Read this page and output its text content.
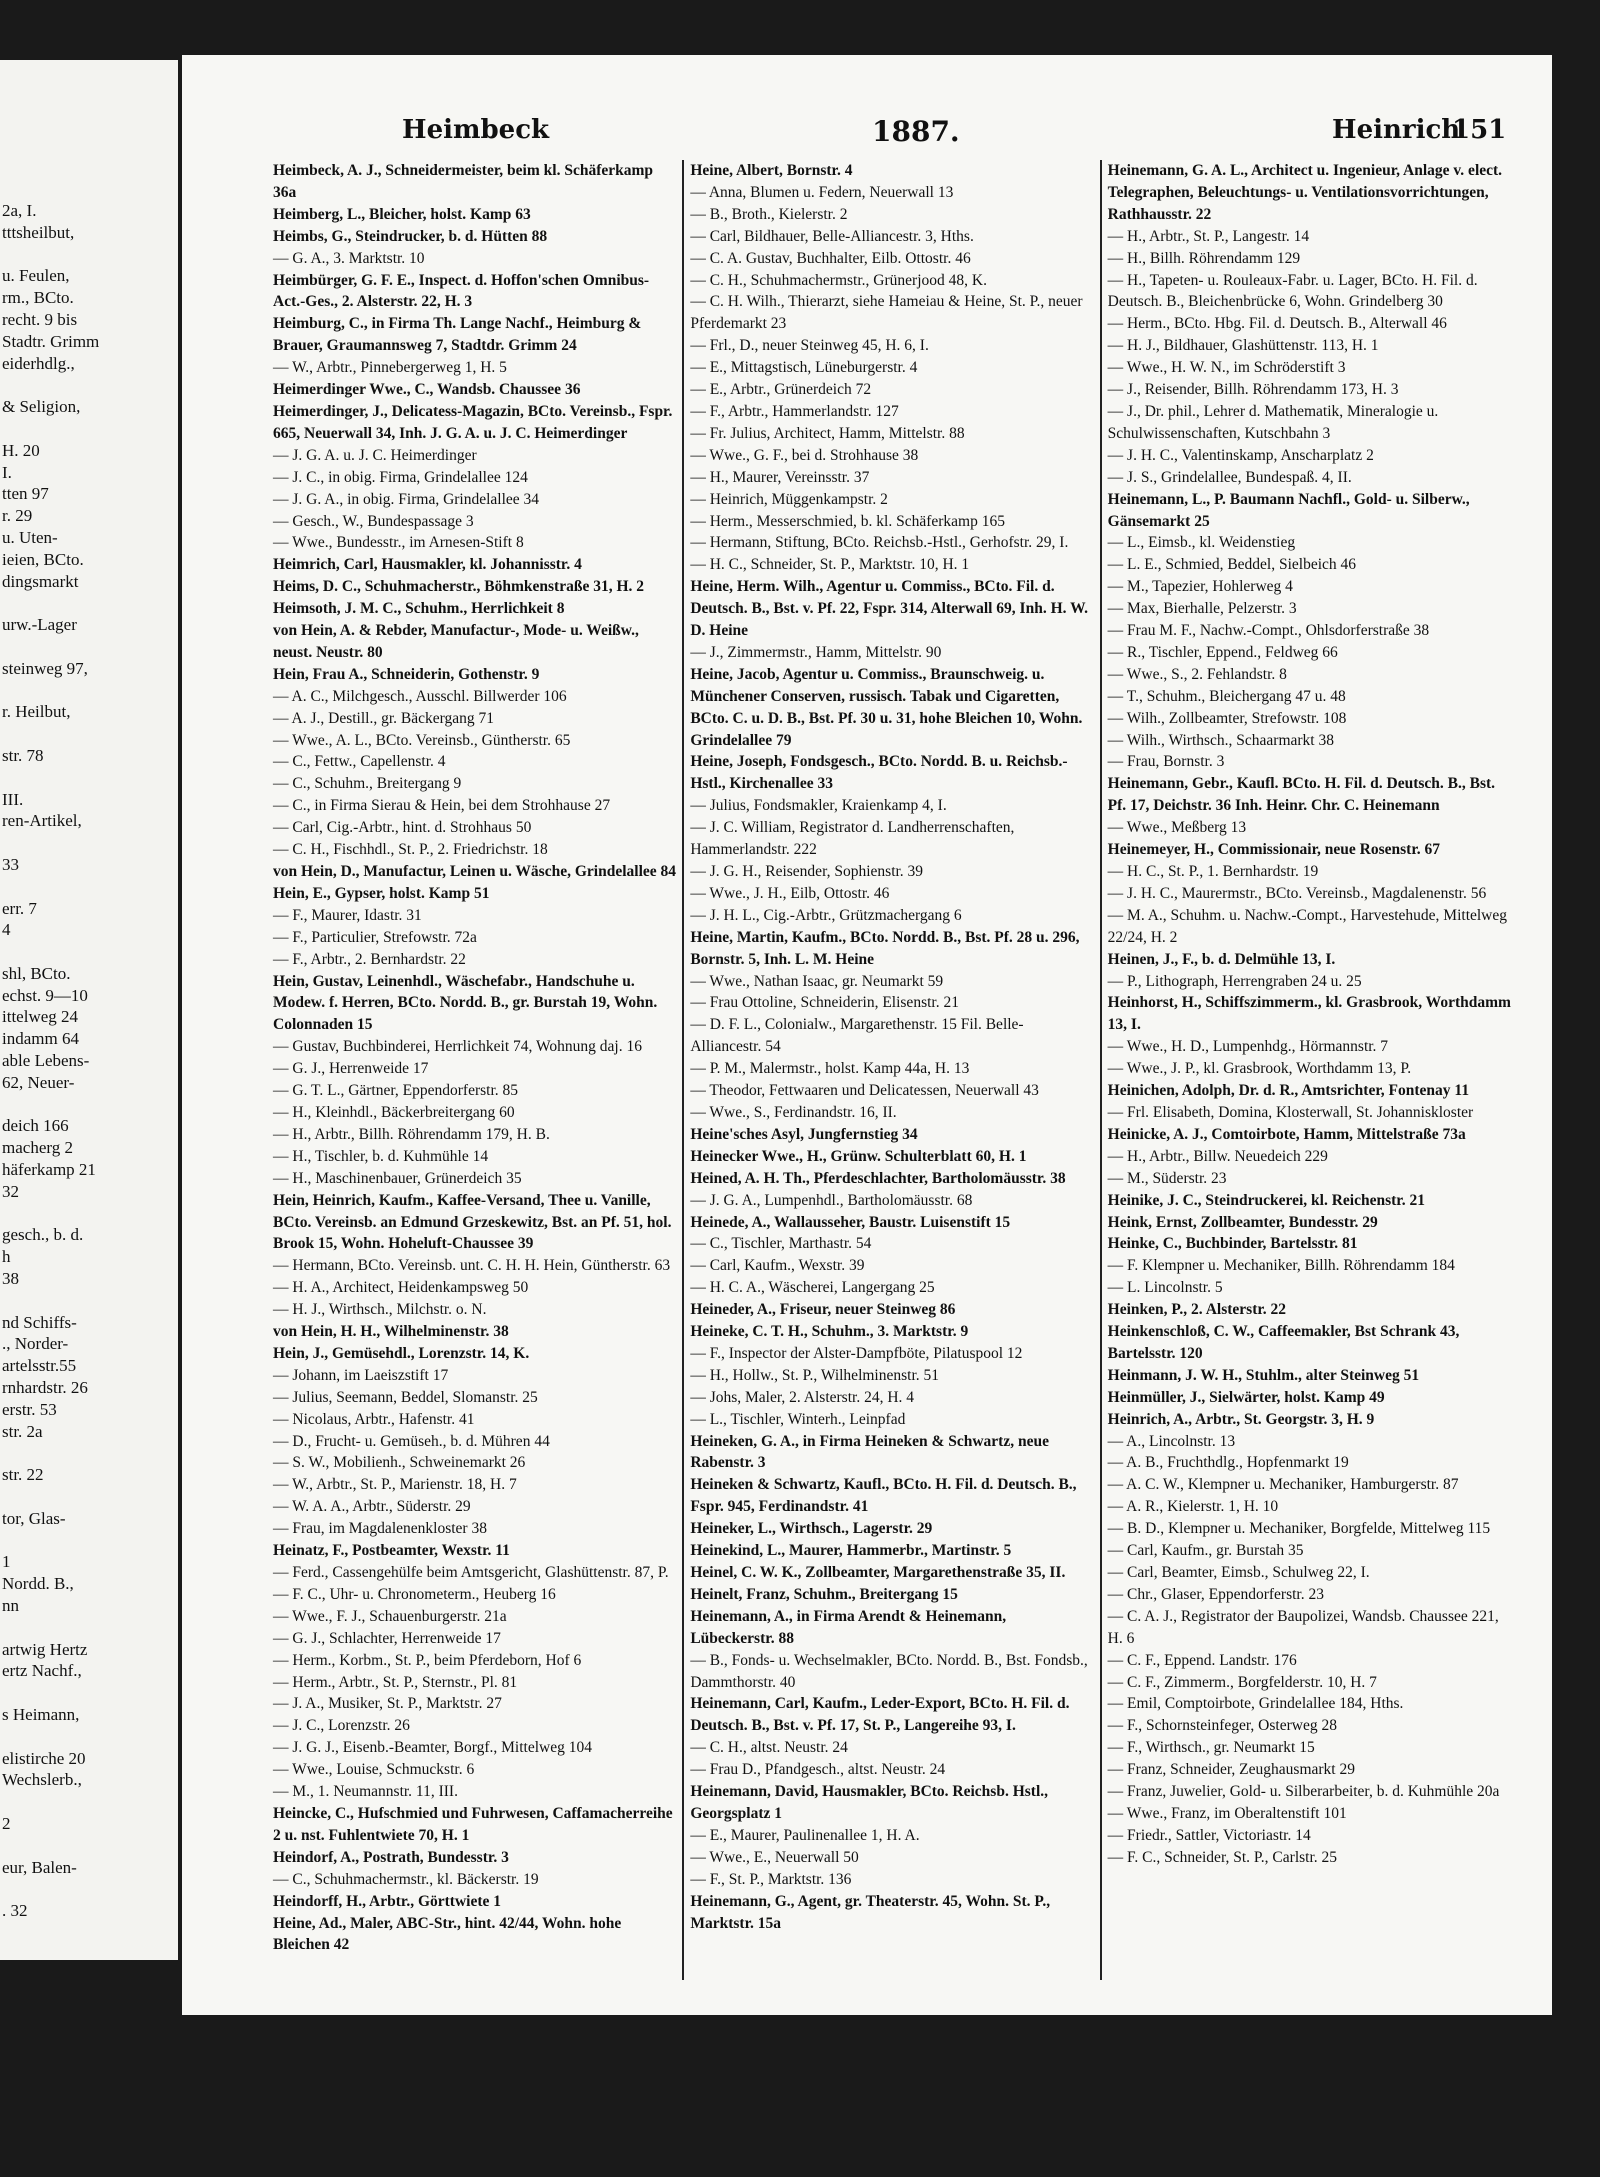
2a, I.
tttsheilbut,

u. Feulen,
rm., BCto.
recht. 9 bis
Stadtr. Grimm
eiderhdlg.,

& Seligion,

H. 20
I.
tten 97
r. 29
u. Uten-
ieien, BCto.
dingsmarkt

urw.-Lager

steinweg 97,

r. Heilbut,

str. 78

III.
ren-Artikel,

33

err. 7
4

shl, BCto.
echst. 9—10
ittelweg 24
indamm 64
able Lebens-
62, Neuer-

deich 166
macherg 2
häferkamp 21
32

gesch., b. d.
h
38

nd Schiffs-
., Norder-
artelsstr.55
rnhardstr. 26
erstr. 53
str. 2a

str. 22

tor, Glas-

1
Nordd. B.,
nn

artwig Hertz
ertz Nachf.,

s Heimann,

elistirche 20
Wechslerb.,

2

eur, Balen-

. 32
Heimbeck	1887.	Heinrich
151
Heimbeck, A. J., Schneidermeister, beim kl. Schäferkamp 36a
Heimberg, L., Bleicher, holst. Kamp 63
Heimbs, G., Steindrucker, b. d. Hütten 88
— G. A., 3. Marktstr. 10
Heimbürger, G. F. E., Inspect. d. Hoffon'schen Omnibus-Act.-Ges., 2. Alsterstr. 22, H. 3
Heimburg, C., in Firma Th. Lange Nachf., Heimburg & Brauer, Graumannsweg 7, Stadtdr. Grimm 24
— W., Arbtr., Pinnebergerweg 1, H. 5
Heimerdinger Wwe., C., Wandsb. Chaussee 36
Heimerdinger, J., Delicatess-Magazin, BCto. Vereinsb., Fspr. 665, Neuerwall 34, Inh. J. G. A. u. J. C. Heimerdinger
— J. G. A. u. J. C. Heimerdinger
— J. C., in obig. Firma, Grindelallee 124
— J. G. A., in obig. Firma, Grindelallee 34
— Gesch., W., Bundespassage 3
— Wwe., Bundesstr., im Arnesen-Stift 8
Heimrich, Carl, Hausmakler, kl. Johannisstr. 4
Heims, D. C., Schuhmacherstr., Böhmkenstraße 31, H. 2
Heimsoth, J. M. C., Schuhm., Herrlichkeit 8
von Hein, A. & Rebder, Manufactur-, Mode- u. Weißw., neust. Neustr. 80
Hein, Frau A., Schneiderin, Gothenstr. 9
— A. C., Milchgesch., Ausschl. Billwerder 106
— A. J., Destill., gr. Bäckergang 71
— Wwe., A. L., BCto. Vereinsb., Güntherstr. 65
— C., Fettw., Capellenstr. 4
— C., Schuhm., Breitergang 9
— C., in Firma Sierau & Hein, bei dem Strohhause 27
— Carl, Cig.-Arbtr., hint. d. Strohhaus 50
— C. H., Fischhdl., St. P., 2. Friedrichstr. 18
von Hein, D., Manufactur, Leinen u. Wäsche, Grindelallee 84
Hein, E., Gypser, holst. Kamp 51
— F., Maurer, Idastr. 31
— F., Particulier, Strefowstr. 72a
— F., Arbtr., 2. Bernhardstr. 22
Hein, Gustav, Leinenhdl., Wäschefabr., Handschuhe u. Modew. f. Herren, BCto. Nordd. B., gr. Burstah 19, Wohn. Colonnaden 15
— Gustav, Buchbinderei, Herrlichkeit 74, Wohnung daj. 16
— G. J., Herrenweide 17
— G. T. L., Gärtner, Eppendorferstr. 85
— H., Kleinhdl., Bäckerbreitergang 60
— H., Arbtr., Billh. Röhrendamm 179, H. B.
— H., Tischler, b. d. Kuhmühle 14
— H., Maschinenbauer, Grünerdeich 35
Hein, Heinrich, Kaufm., Kaffee-Versand, Thee u. Vanille, BCto. Vereinsb. an Edmund Grzeskewitz, Bst. an Pf. 51, hol. Brook 15, Wohn. Hoheluft-Chaussee 39
— Hermann, BCto. Vereinsb. unt. C. H. H. Hein, Güntherstr. 63
— H. A., Architect, Heidenkampsweg 50
— H. J., Wirthsch., Milchstr. o. N.
von Hein, H. H., Wilhelminenstr. 38
Hein, J., Gemüsehdl., Lorenzstr. 14, K.
— Johann, im Laeiszstift 17
— Julius, Seemann, Beddel, Slomanstr. 25
— Nicolaus, Arbtr., Hafenstr. 41
— D., Frucht- u. Gemüseh., b. d. Mühren 44
— S. W., Mobilienh., Schweinemarkt 26
— W., Arbtr., St. P., Marienstr. 18, H. 7
— W. A. A., Arbtr., Süderstr. 29
— Frau, im Magdalenenkloster 38
Heinatz, F., Postbeamter, Wexstr. 11
— Ferd., Cassengehülfe beim Amtsgericht, Glashüttenstr. 87, P.
— F. C., Uhr- u. Chronometerm., Heuberg 16
— Wwe., F. J., Schauenburgerstr. 21a
— G. J., Schlachter, Herrenweide 17
— Herm., Korbm., St. P., beim Pferdeborn, Hof 6
— Herm., Arbtr., St. P., Sternstr., Pl. 81
— J. A., Musiker, St. P., Marktstr. 27
— J. C., Lorenzstr. 26
— J. G. J., Eisenb.-Beamter, Borgf., Mittelweg 104
— Wwe., Louise, Schmuckstr. 6
— M., 1. Neumannstr. 11, III.
Heincke, C., Hufschmied und Fuhrwesen, Caffamacherreihe 2 u. nst. Fuhlentwiete 70, H. 1
Heindorf, A., Postrath, Bundesstr. 3
— C., Schuhmachermstr., kl. Bäckerstr. 19
Heindorff, H., Arbtr., Görttwiete 1
Heine, Ad., Maler, ABC-Str., hint. 42/44, Wohn. hohe Bleichen 42
Heine, Albert, Bornstr. 4
— Anna, Blumen u. Federn, Neuerwall 13
— B., Broth., Kielerstr. 2
— Carl, Bildhauer, Belle-Alliancestr. 3, Hths.
— C. A. Gustav, Buchhalter, Eilb. Ottostr. 46
— C. H., Schuhmachermstr., Grünerjood 48, K.
— C. H. Wilh., Thierarzt, siehe Hameiau & Heine, St. P., neuer Pferdemarkt 23
— Frl., D., neuer Steinweg 45, H. 6, I.
— E., Mittagstisch, Lüneburgerstr. 4
— E., Arbtr., Grünerdeich 72
— F., Arbtr., Hammerlandstr. 127
— Fr. Julius, Architect, Hamm, Mittelstr. 88
— Wwe., G. F., bei d. Strohhause 38
— H., Maurer, Vereinsstr. 37
— Heinrich, Müggenkampstr. 2
— Herm., Messerschmied, b. kl. Schäferkamp 165
— Hermann, Stiftung, BCto. Reichsb.-Hstl., Gerhofstr. 29, I.
— H. C., Schneider, St. P., Marktstr. 10, H. 1
Heine, Herm. Wilh., Agentur u. Commiss., BCto. Fil. d. Deutsch. B., Bst. v. Pf. 22, Fspr. 314, Alterwall 69, Inh. H. W. D. Heine
— J., Zimmermstr., Hamm, Mittelstr. 90
Heine, Jacob, Agentur u. Commiss., Braunschweig. u. Münchener Conserven, russisch. Tabak und Cigaretten, BCto. C. u. D. B., Bst. Pf. 30 u. 31, hohe Bleichen 10, Wohn. Grindelallee 79
Heine, Joseph, Fondsgesch., BCto. Nordd. B. u. Reichsb.-Hstl., Kirchenallee 33
— Julius, Fondsmakler, Kraienkamp 4, I.
— J. C. William, Registrator d. Landherrenschaften, Hammerlandstr. 222
— J. G. H., Reisender, Sophienstr. 39
— Wwe., J. H., Eilb, Ottostr. 46
— J. H. L., Cig.-Arbtr., Grützmachergang 6
Heine, Martin, Kaufm., BCto. Nordd. B., Bst. Pf. 28 u. 296, Bornstr. 5, Inh. L. M. Heine
— Wwe., Nathan Isaac, gr. Neumarkt 59
— Frau Ottoline, Schneiderin, Elisenstr. 21
— D. F. L., Colonialw., Margarethenstr. 15 Fil. Belle-Alliancestr. 54
— P. M., Malermstr., holst. Kamp 44a, H. 13
— Theodor, Fettwaaren und Delicatessen, Neuerwall 43
— Wwe., S., Ferdinandstr. 16, II.
Heine'sches Asyl, Jungfernstieg 34
Heinecker Wwe., H., Grünw. Schulterblatt 60, H. 1
Heined, A. H. Th., Pferdeschlachter, Bartholomäusstr. 38
— J. G. A., Lumpenhdl., Bartholomäusstr. 68
Heinede, A., Wallausseher, Baustr. Luisenstift 15
— C., Tischler, Marthastr. 54
— Carl, Kaufm., Wexstr. 39
— H. C. A., Wäscherei, Langergang 25
Heineder, A., Friseur, neuer Steinweg 86
Heineke, C. T. H., Schuhm., 3. Marktstr. 9
— F., Inspector der Alster-Dampfböte, Pilatuspool 12
— H., Hollw., St. P., Wilhelminenstr. 51
— Johs, Maler, 2. Alsterstr. 24, H. 4
— L., Tischler, Winterh., Leinpfad
Heineken, G. A., in Firma Heineken & Schwartz, neue Rabenstr. 3
Heineken & Schwartz, Kaufl., BCto. H. Fil. d. Deutsch. B., Fspr. 945, Ferdinandstr. 41
Heineker, L., Wirthsch., Lagerstr. 29
Heinekind, L., Maurer, Hammerbr., Martinstr. 5
Heinel, C. W. K., Zollbeamter, Margarethenstraße 35, II.
Heinelt, Franz, Schuhm., Breitergang 15
Heinemann, A., in Firma Arendt & Heinemann, Lübeckerstr. 88
— B., Fonds- u. Wechselmakler, BCto. Nordd. B., Bst. Fondsb., Dammthorstr. 40
Heinemann, Carl, Kaufm., Leder-Export, BCto. H. Fil. d. Deutsch. B., Bst. v. Pf. 17, St. P., Langereihe 93, I.
— C. H., altst. Neustr. 24
— Frau D., Pfandgesch., altst. Neustr. 24
Heinemann, David, Hausmakler, BCto. Reichsb. Hstl., Georgsplatz 1
— E., Maurer, Paulinenallee 1, H. A.
— Wwe., E., Neuerwall 50
— F., St. P., Marktstr. 136
Heinemann, G., Agent, gr. Theaterstr. 45, Wohn. St. P., Marktstr. 15a
Heinemann, G. A. L., Architect u. Ingenieur, Anlage v. elect. Telegraphen, Beleuchtungs- u. Ventilationsvorrichtungen, Rathhausstr. 22
— H., Arbtr., St. P., Langestr. 14
— H., Billh. Röhrendamm 129
— H., Tapeten- u. Rouleaux-Fabr. u. Lager, BCto. H. Fil. d. Deutsch. B., Bleichenbrücke 6, Wohn. Grindelberg 30
— Herm., BCto. Hbg. Fil. d. Deutsch. B., Alterwall 46
— H. J., Bildhauer, Glashüttenstr. 113, H. 1
— Wwe., H. W. N., im Schröderstift 3
— J., Reisender, Billh. Röhrendamm 173, H. 3
— J., Dr. phil., Lehrer d. Mathematik, Mineralogie u. Schulwissenschaften, Kutschbahn 3
— J. H. C., Valentinskamp, Anscharplatz 2
— J. S., Grindelallee, Bundespaß. 4, II.
Heinemann, L., P. Baumann Nachfl., Gold- u. Silberw., Gänsemarkt 25
— L., Eimsb., kl. Weidenstieg
— L. E., Schmied, Beddel, Sielbeich 46
— M., Tapezier, Hohlerweg 4
— Max, Bierhalle, Pelzerstr. 3
— Frau M. F., Nachw.-Compt., Ohlsdorferstraße 38
— R., Tischler, Eppend., Feldweg 66
— Wwe., S., 2. Fehlandstr. 8
— T., Schuhm., Bleichergang 47 u. 48
— Wilh., Zollbeamter, Strefowstr. 108
— Wilh., Wirthsch., Schaarmarkt 38
— Frau, Bornstr. 3
Heinemann, Gebr., Kaufl. BCto. H. Fil. d. Deutsch. B., Bst. Pf. 17, Deichstr. 36 Inh. Heinr. Chr. C. Heinemann
— Wwe., Meßberg 13
Heinemeyer, H., Commissionair, neue Rosenstr. 67
— H. C., St. P., 1. Bernhardstr. 19
— J. H. C., Maurermstr., BCto. Vereinsb., Magdalenenstr. 56
— M. A., Schuhm. u. Nachw.-Compt., Harvestehude, Mittelweg 22/24, H. 2
Heinen, J., F., b. d. Delmühle 13, I.
— P., Lithograph, Herrengraben 24 u. 25
Heinhorst, H., Schiffszimmerm., kl. Grasbrook, Worthdamm 13, I.
— Wwe., H. D., Lumpenhdg., Hörmannstr. 7
— Wwe., J. P., kl. Grasbrook, Worthdamm 13, P.
Heinichen, Adolph, Dr. d. R., Amtsrichter, Fontenay 11
— Frl. Elisabeth, Domina, Klosterwall, St. Johanniskloster
Heinicke, A. J., Comtoirbote, Hamm, Mittelstraße 73a
— H., Arbtr., Billw. Neuedeich 229
— M., Süderstr. 23
Heinike, J. C., Steindruckerei, kl. Reichenstr. 21
Heink, Ernst, Zollbeamter, Bundesstr. 29
Heinke, C., Buchbinder, Bartelsstr. 81
— F. Klempner u. Mechaniker, Billh. Röhrendamm 184
— L. Lincolnstr. 5
Heinken, P., 2. Alsterstr. 22
Heinkenschloß, C. W., Caffeemakler, Bst Schrank 43, Bartelsstr. 120
Heinmann, J. W. H., Stuhlm., alter Steinweg 51
Heinmüller, J., Sielwärter, holst. Kamp 49
Heinrich, A., Arbtr., St. Georgstr. 3, H. 9
— A., Lincolnstr. 13
— A. B., Fruchthdlg., Hopfenmarkt 19
— A. C. W., Klempner u. Mechaniker, Hamburgerstr. 87
— A. R., Kielerstr. 1, H. 10
— B. D., Klempner u. Mechaniker, Borgfelde, Mittelweg 115
— Carl, Kaufm., gr. Burstah 35
— Carl, Beamter, Eimsb., Schulweg 22, I.
— Chr., Glaser, Eppendorferstr. 23
— C. A. J., Registrator der Baupolizei, Wandsb. Chaussee 221, H. 6
— C. F., Eppend. Landstr. 176
— C. F., Zimmerm., Borgfelderstr. 10, H. 7
— Emil, Comptoirbote, Grindelallee 184, Hths.
— F., Schornsteinfeger, Osterweg 28
— F., Wirthsch., gr. Neumarkt 15
— Franz, Schneider, Zeughausmarkt 29
— Franz, Juwelier, Gold- u. Silberarbeiter, b. d. Kuhmühle 20a
— Wwe., Franz, im Oberaltenstift 101
— Friedr., Sattler, Victoriastr. 14
— F. C., Schneider, St. P., Carlstr. 25
